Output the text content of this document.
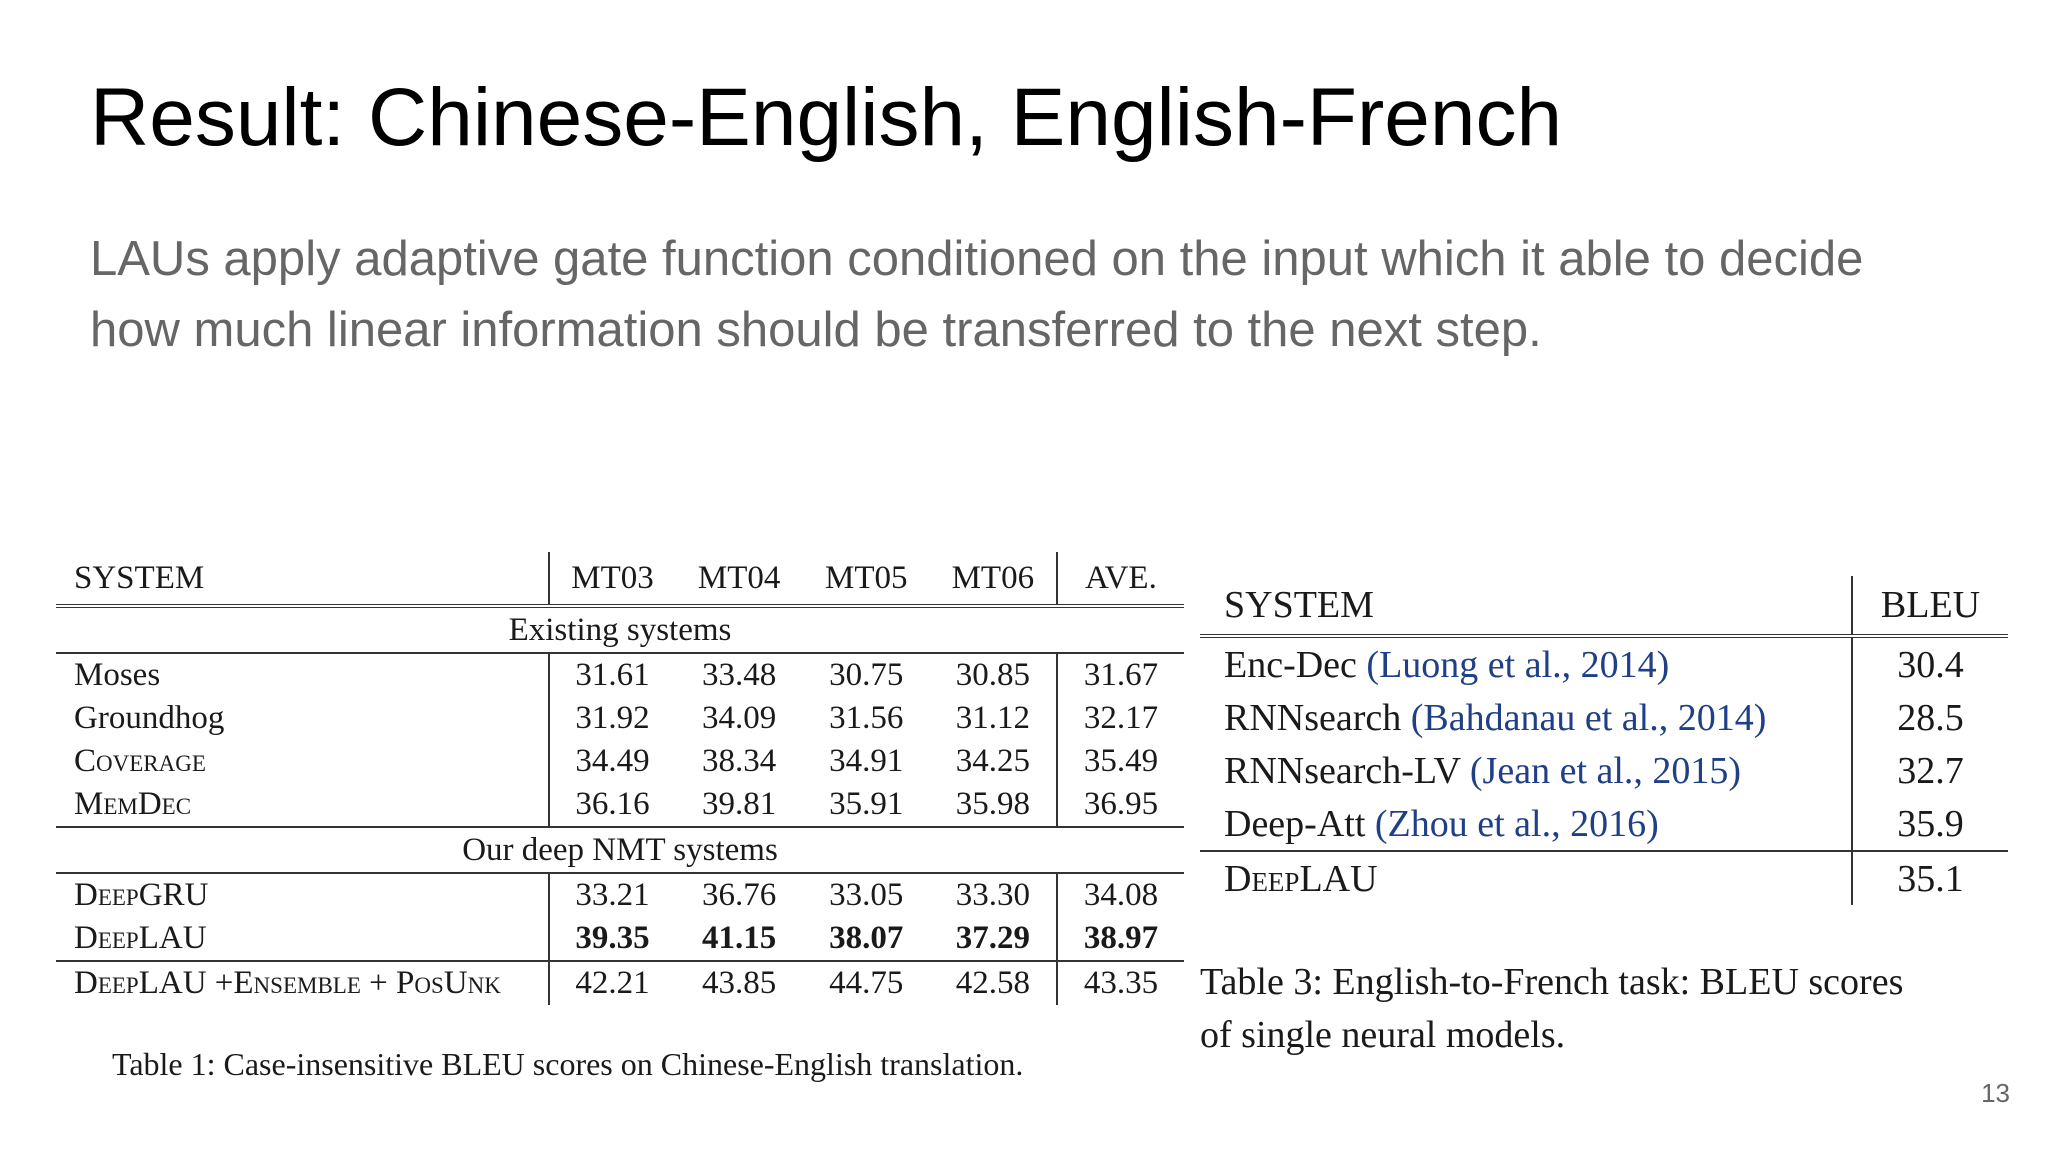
Result: Chinese-English, English-French
LAUs apply adaptive gate function conditioned on the input which it able to decide
how much linear information should be transferred to the next step.
SYSTEM	MT03	MT04	MT05	MT06	AVE.
Existing systems					
Moses	31.61	33.48	30.75	30.85	31.67
Groundhog	31.92	34.09	31.56	31.12	32.17
Coverage	34.49	38.34	34.91	34.25	35.49
MemDec	36.16	39.81	35.91	35.98	36.95
Our deep NMT systems					
DeepGRU	33.21	36.76	33.05	33.30	34.08
DeepLAU	39.35	41.15	38.07	37.29	38.97
DeepLAU +Ensemble + PosUnk	42.21	43.85	44.75	42.58	43.35
Table 1: Case-insensitive BLEU scores on Chinese-English translation.
SYSTEM	BLEU
Enc-Dec (Luong et al., 2014)	30.4
RNNsearch (Bahdanau et al., 2014)	28.5
RNNsearch-LV (Jean et al., 2015)	32.7
Deep-Att (Zhou et al., 2016)	35.9
DeepLAU	35.1
Table 3: English-to-French task: BLEU scores
of single neural models.
13
